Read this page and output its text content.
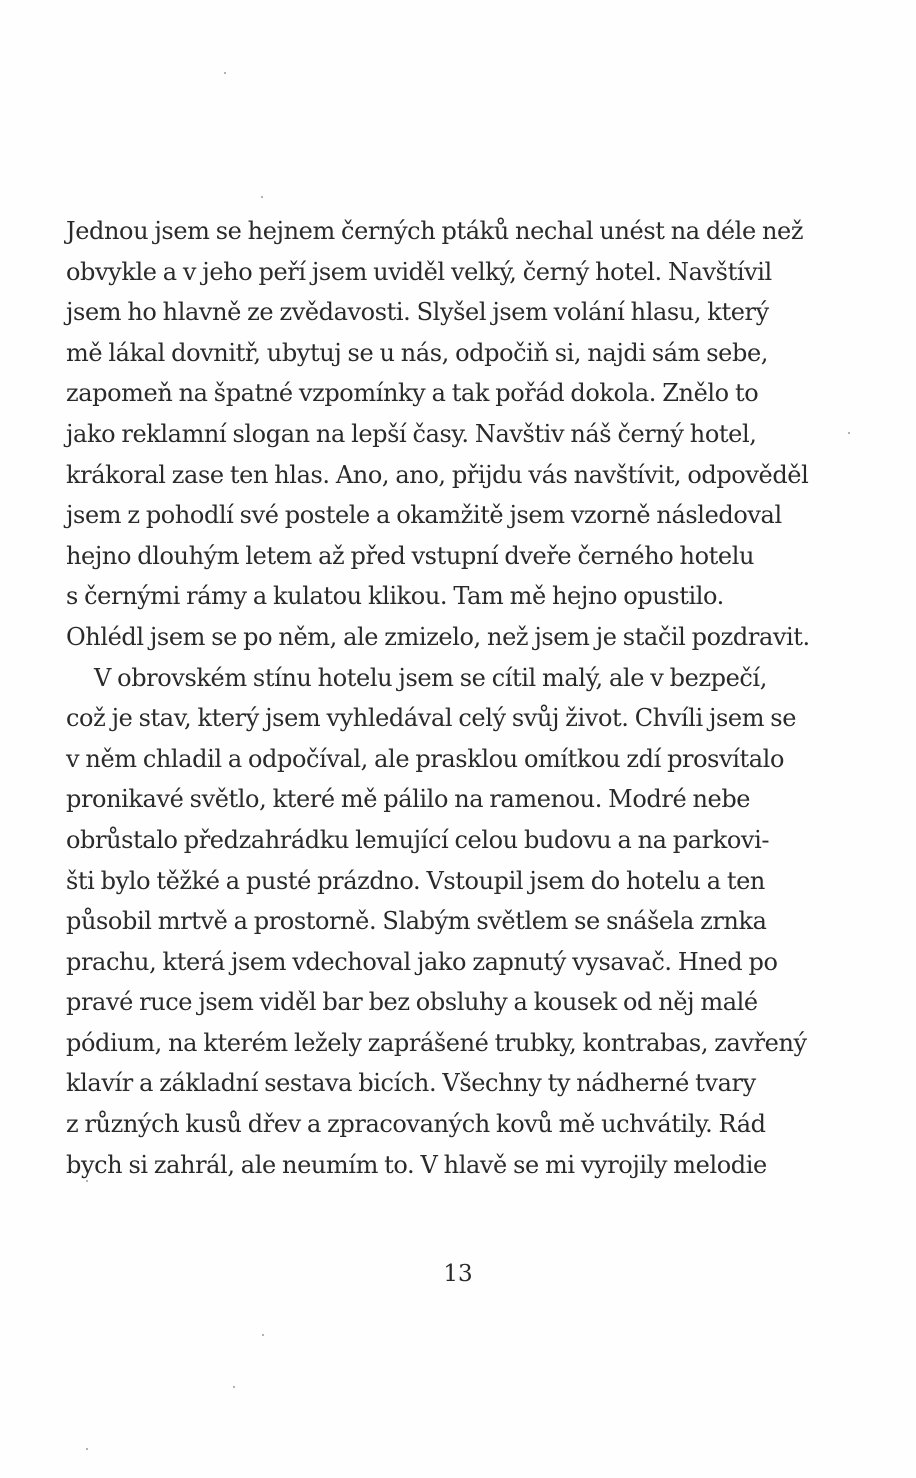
Jednou jsem se hejnem černých ptáků nechal unést na déle než
obvykle a v jeho peří jsem uviděl velký, černý hotel. Navštívil
jsem ho hlavně ze zvědavosti. Slyšel jsem volání hlasu, který
mě lákal dovnitř, ubytuj se u nás, odpočiň si, najdi sám sebe,
zapomeň na špatné vzpomínky a tak pořád dokola. Znělo to
jako reklamní slogan na lepší časy. Navštiv náš černý hotel,
krákoral zase ten hlas. Ano, ano, přijdu vás navštívit, odpověděl
jsem z pohodlí své postele a okamžitě jsem vzorně následoval
hejno dlouhým letem až před vstupní dveře černého hotelu
s černými rámy a kulatou klikou. Tam mě hejno opustilo.
Ohlédl jsem se po něm, ale zmizelo, než jsem je stačil pozdravit.
V obrovském stínu hotelu jsem se cítil malý, ale v bezpečí,
což je stav, který jsem vyhledával celý svůj život. Chvíli jsem se
v něm chladil a odpočíval, ale prasklou omítkou zdí prosvítalo
pronikavé světlo, které mě pálilo na ramenou. Modré nebe
obrůstalo předzahrádku lemující celou budovu a na parkovi-
šti bylo těžké a pusté prázdno. Vstoupil jsem do hotelu a ten
působil mrtvě a prostorně. Slabým světlem se snášela zrnka
prachu, která jsem vdechoval jako zapnutý vysavač. Hned po
pravé ruce jsem viděl bar bez obsluhy a kousek od něj malé
pódium, na kterém ležely zaprášené trubky, kontrabas, zavřený
klavír a základní sestava bicích. Všechny ty nádherné tvary
z různých kusů dřev a zpracovaných kovů mě uchvátily. Rád
bych si zahrál, ale neumím to. V hlavě se mi vyrojily melodie
13
